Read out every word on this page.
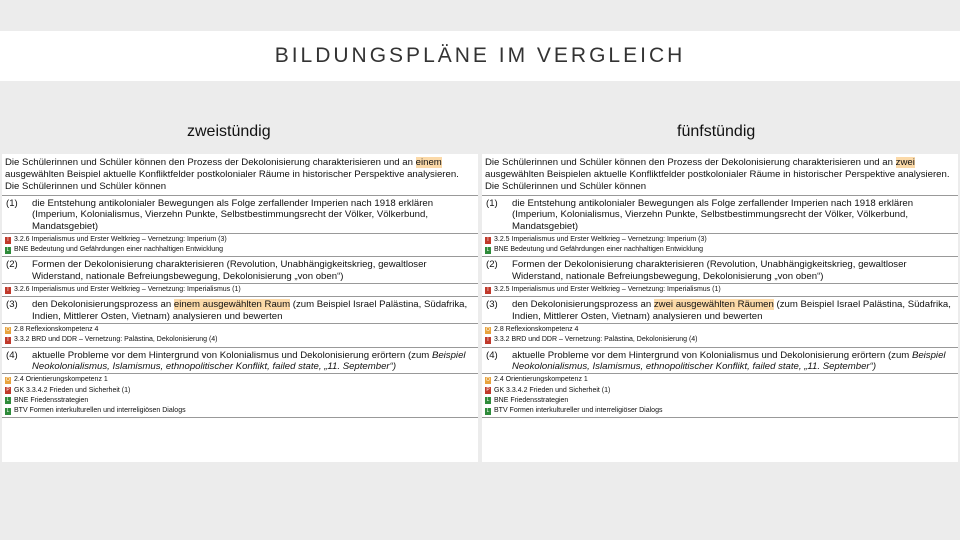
BILDUNGSPLÄNE IM VERGLEICH
zweistündig	fünfstündig
Die Schülerinnen und Schüler können den Prozess der Dekolonisierung charakterisieren und an einem ausgewählten Beispiel aktuelle Konfliktfelder postkolonialer Räume in historischer Perspektive analysieren.
Die Schülerinnen und Schüler können
(1)	die Entstehung antikolonialer Bewegungen als Folge zerfallender Imperien nach 1918 erklären (Imperium, Kolonialismus, Vierzehn Punkte, Selbstbestimmungsrecht der Völker, Völkerbund, Mandatsgebiet)
I 3.2.6 Imperialismus und Erster Weltkrieg – Vernetzung: Imperium (3)
L BNE Bedeutung und Gefährdungen einer nachhaltigen Entwicklung
(2)	Formen der Dekolonisierung charakterisieren (Revolution, Unabhängigkeitskrieg, gewaltloser Widerstand, nationale Befreiungsbewegung, Dekolonisierung „von oben“)
I 3.2.6 Imperialismus und Erster Weltkrieg – Vernetzung: Imperialismus (1)
(3)	den Dekolonisierungsprozess an einem ausgewählten Raum (zum Beispiel Israel Palästina, Südafrika, Indien, Mittlerer Osten, Vietnam) analysieren und bewerten
O 2.8 Reflexionskompetenz 4
I 3.3.2 BRD und DDR – Vernetzung: Palästina, Dekolonisierung (4)
(4)	aktuelle Probleme vor dem Hintergrund von Kolonialismus und Dekolonisierung erörtern (zum Beispiel Neokolonialismus, Islamismus, ethnopolitischer Konflikt, failed state, „11. September“)
O 2.4 Orientierungskompetenz 1
P GK 3.3.4.2 Frieden und Sicherheit (1)
L BNE Friedensstrategien
L BTV Formen interkulturellen und interreligiösen Dialogs
Die Schülerinnen und Schüler können den Prozess der Dekolonisierung charakterisieren und an zwei ausgewählten Beispielen aktuelle Konfliktfelder postkolonialer Räume in historischer Perspektive analysieren.
Die Schülerinnen und Schüler können
(1)	die Entstehung antikolonialer Bewegungen als Folge zerfallender Imperien nach 1918 erklären (Imperium, Kolonialismus, Vierzehn Punkte, Selbstbestimmungsrecht der Völker, Völkerbund, Mandatsgebiet)
I 3.2.5 Imperialismus und Erster Weltkrieg – Vernetzung: Imperium (3)
L BNE Bedeutung und Gefährdungen einer nachhaltigen Entwicklung
(2)	Formen der Dekolonisierung charakterisieren (Revolution, Unabhängigkeitskrieg, gewaltloser Widerstand, nationale Befreiungsbewegung, Dekolonisierung „von oben“)
I 3.2.5 Imperialismus und Erster Weltkrieg – Vernetzung: Imperialismus (1)
(3)	den Dekolonisierungsprozess an zwei ausgewählten Räumen (zum Beispiel Israel Palästina, Südafrika, Indien, Mittlerer Osten, Vietnam) analysieren und bewerten
O 2.8 Reflexionskompetenz 4
I 3.3.2 BRD und DDR – Vernetzung: Palästina, Dekolonisierung (4)
(4)	aktuelle Probleme vor dem Hintergrund von Kolonialismus und Dekolonisierung erörtern (zum Beispiel Neokolonialismus, Islamismus, ethnopolitischer Konflikt, failed state, „11. September“)
O 2.4 Orientierungskompetenz 1
P GK 3.3.4.2 Frieden und Sicherheit (1)
L BNE Friedensstrategien
L BTV Formen interkultureller und interreligiöser Dialogs
